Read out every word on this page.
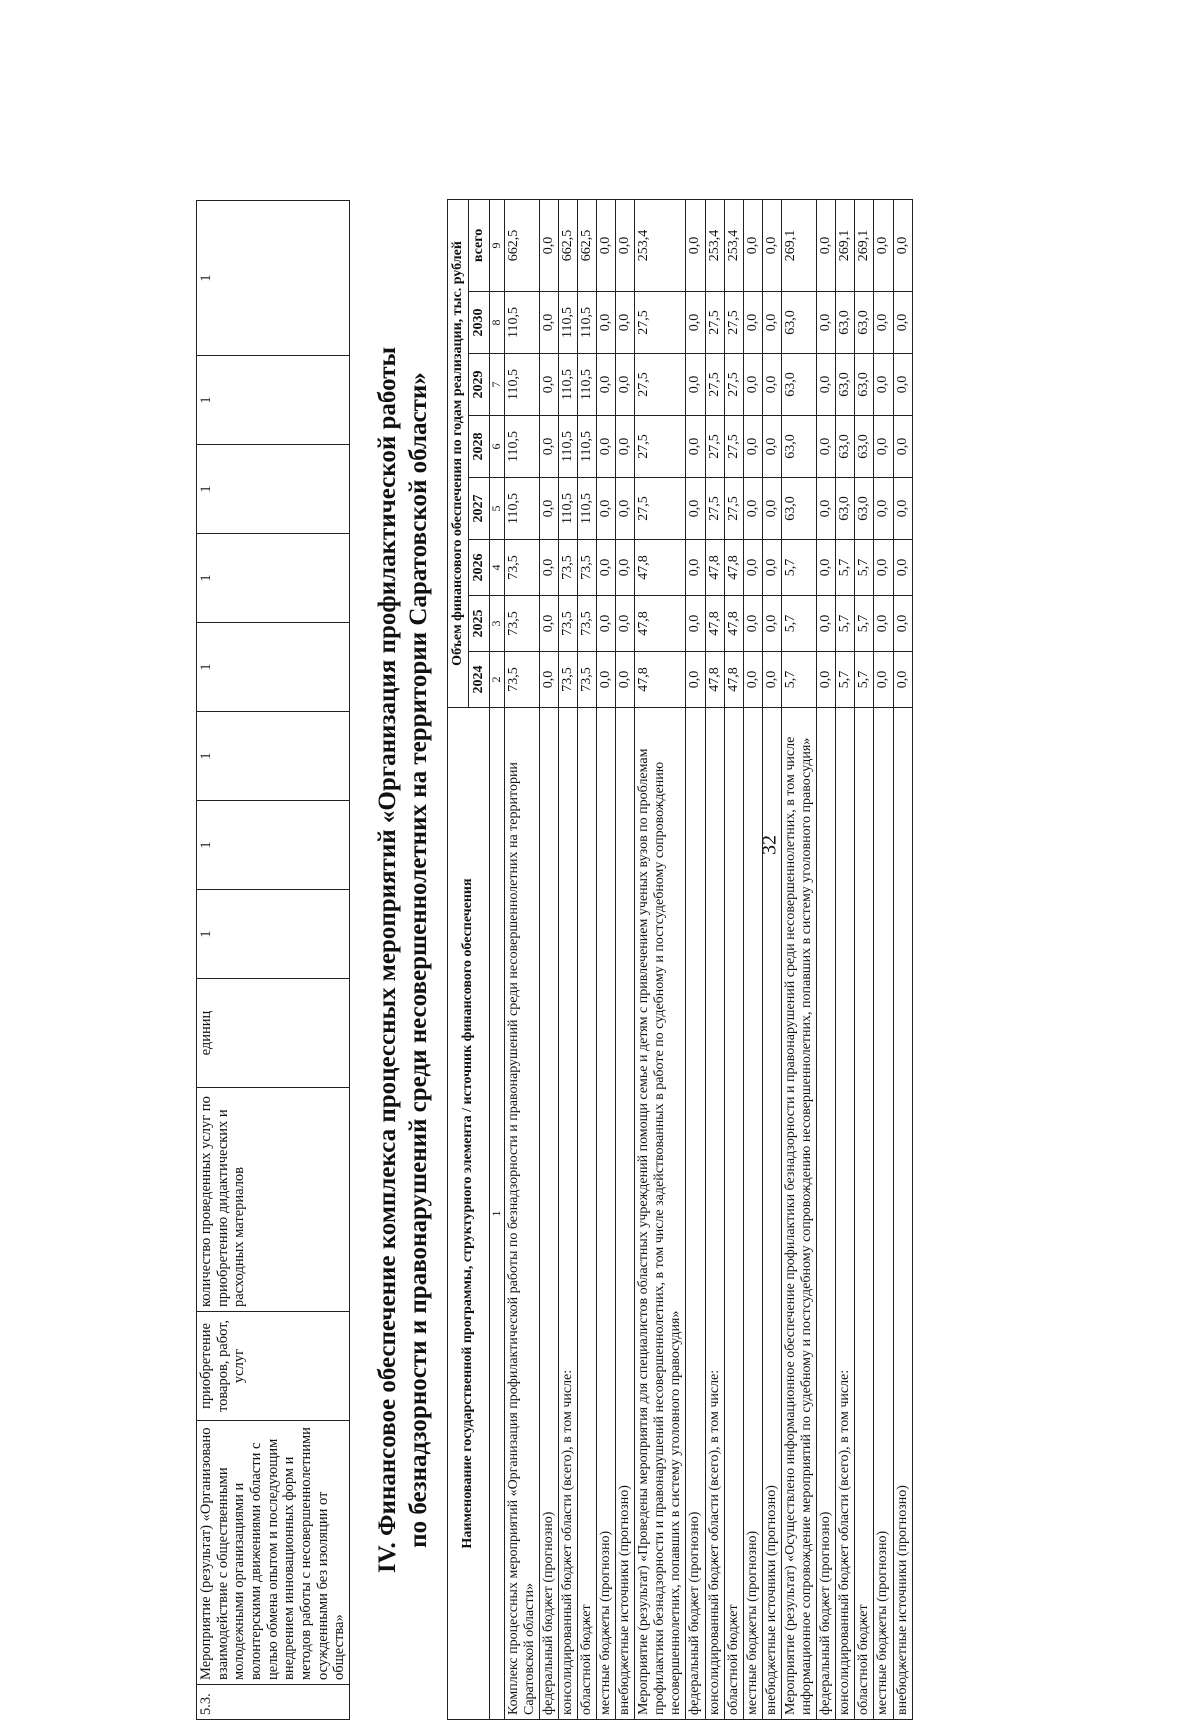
32
5.3.	Мероприятие (результат) «Организовано взаимодействие с общественными молодежными организациями и волонтерскими движениями области с целью обмена опытом и последующим внедрением инновационных форм и методов работы с несовершеннолетними осужденными без изоляции от общества»	приобретение товаров, работ, услуг	количество проведенных услуг по приобретению дидактических и расходных материалов	единиц	1	1	1	1	1	1	1	1
IV. Финансовое обеспечение комплекса процессных мероприятий «Организация профилактической работы по безнадзорности и правонарушений среди несовершеннолетних на территории Саратовской области» Наименование государственной программы, структурного элемента / источник финансового обеспечения	Объем финансового обеспечения по годам реализации, тыс. рублей							
	2024	2025	2026	2027	2028	2029	2030	всего
1	2	3	4	5	6	7	8	9
Комплекс процессных мероприятий «Организация профилактической работы по безнадзорности и правонарушений среди несовершеннолетних на территории Саратовской области»	73,5	73,5	73,5	110,5	110,5	110,5	110,5	662,5
федеральный бюджет (прогнозно)	0,0	0,0	0,0	0,0	0,0	0,0	0,0	0,0
консолидированный бюджет области (всего), в том числе:	73,5	73,5	73,5	110,5	110,5	110,5	110,5	662,5
областной бюджет	73,5	73,5	73,5	110,5	110,5	110,5	110,5	662,5
местные бюджеты (прогнозно)	0,0	0,0	0,0	0,0	0,0	0,0	0,0	0,0
внебюджетные источники (прогнозно)	0,0	0,0	0,0	0,0	0,0	0,0	0,0	0,0
Мероприятие (результат) «Проведены мероприятия для специалистов областных учреждений помощи семье и детям с привлечением ученых вузов по проблемам профилактики безнадзорности и правонарушений несовершеннолетних, в том числе задействованных в работе по судебному и постсудебному сопровождению несовершеннолетних, попавших в систему уголовного правосудия»	47,8	47,8	47,8	27,5	27,5	27,5	27,5	253,4
федеральный бюджет (прогнозно)	0,0	0,0	0,0	0,0	0,0	0,0	0,0	0,0
консолидированный бюджет области (всего), в том числе:	47,8	47,8	47,8	27,5	27,5	27,5	27,5	253,4
областной бюджет	47,8	47,8	47,8	27,5	27,5	27,5	27,5	253,4
местные бюджеты (прогнозно)	0,0	0,0	0,0	0,0	0,0	0,0	0,0	0,0
внебюджетные источники (прогнозно)	0,0	0,0	0,0	0,0	0,0	0,0	0,0	0,0
Мероприятие (результат) «Осуществлено информационное обеспечение профилактики безнадзорности и правонарушений среди несовершеннолетних, в том числе информационное сопровождение мероприятий по судебному и постсудебному сопровождению несовершеннолетних, попавших в систему уголовного правосудия»	5,7	5,7	5,7	63,0	63,0	63,0	63,0	269,1
федеральный бюджет (прогнозно)	0,0	0,0	0,0	0,0	0,0	0,0	0,0	0,0
консолидированный бюджет области (всего), в том числе:	5,7	5,7	5,7	63,0	63,0	63,0	63,0	269,1
областной бюджет	5,7	5,7	5,7	63,0	63,0	63,0	63,0	269,1
местные бюджеты (прогнозно)	0,0	0,0	0,0	0,0	0,0	0,0	0,0	0,0
внебюджетные источники (прогнозно)	0,0	0,0	0,0	0,0	0,0	0,0	0,0	0,0
